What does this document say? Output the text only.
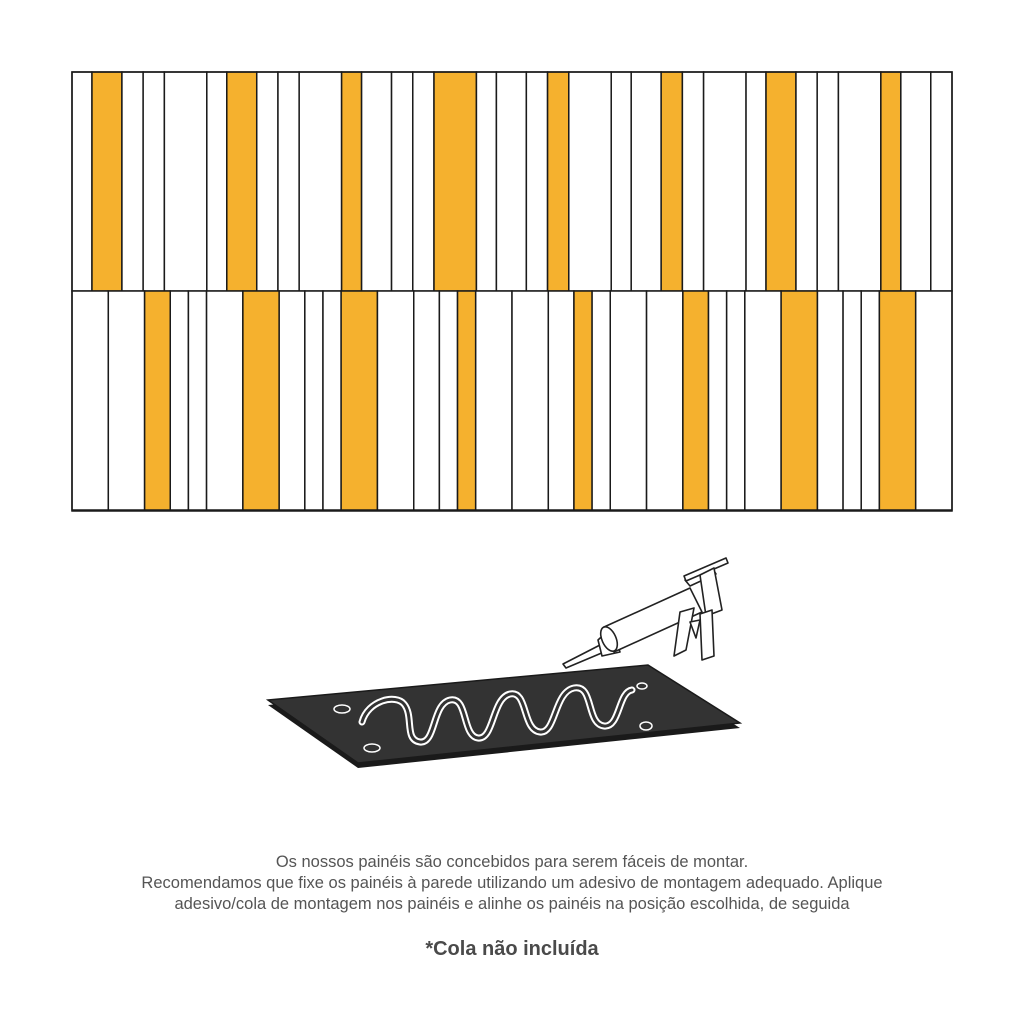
Os nossos painéis são concebidos para serem fáceis de montar.

Recomendamos que fixe os painéis à parede utilizando um adesivo de montagem adequado. Aplique

adesivo/cola de montagem nos painéis e alinhe os painéis na posição escolhida, de seguida

*Cola não incluída
